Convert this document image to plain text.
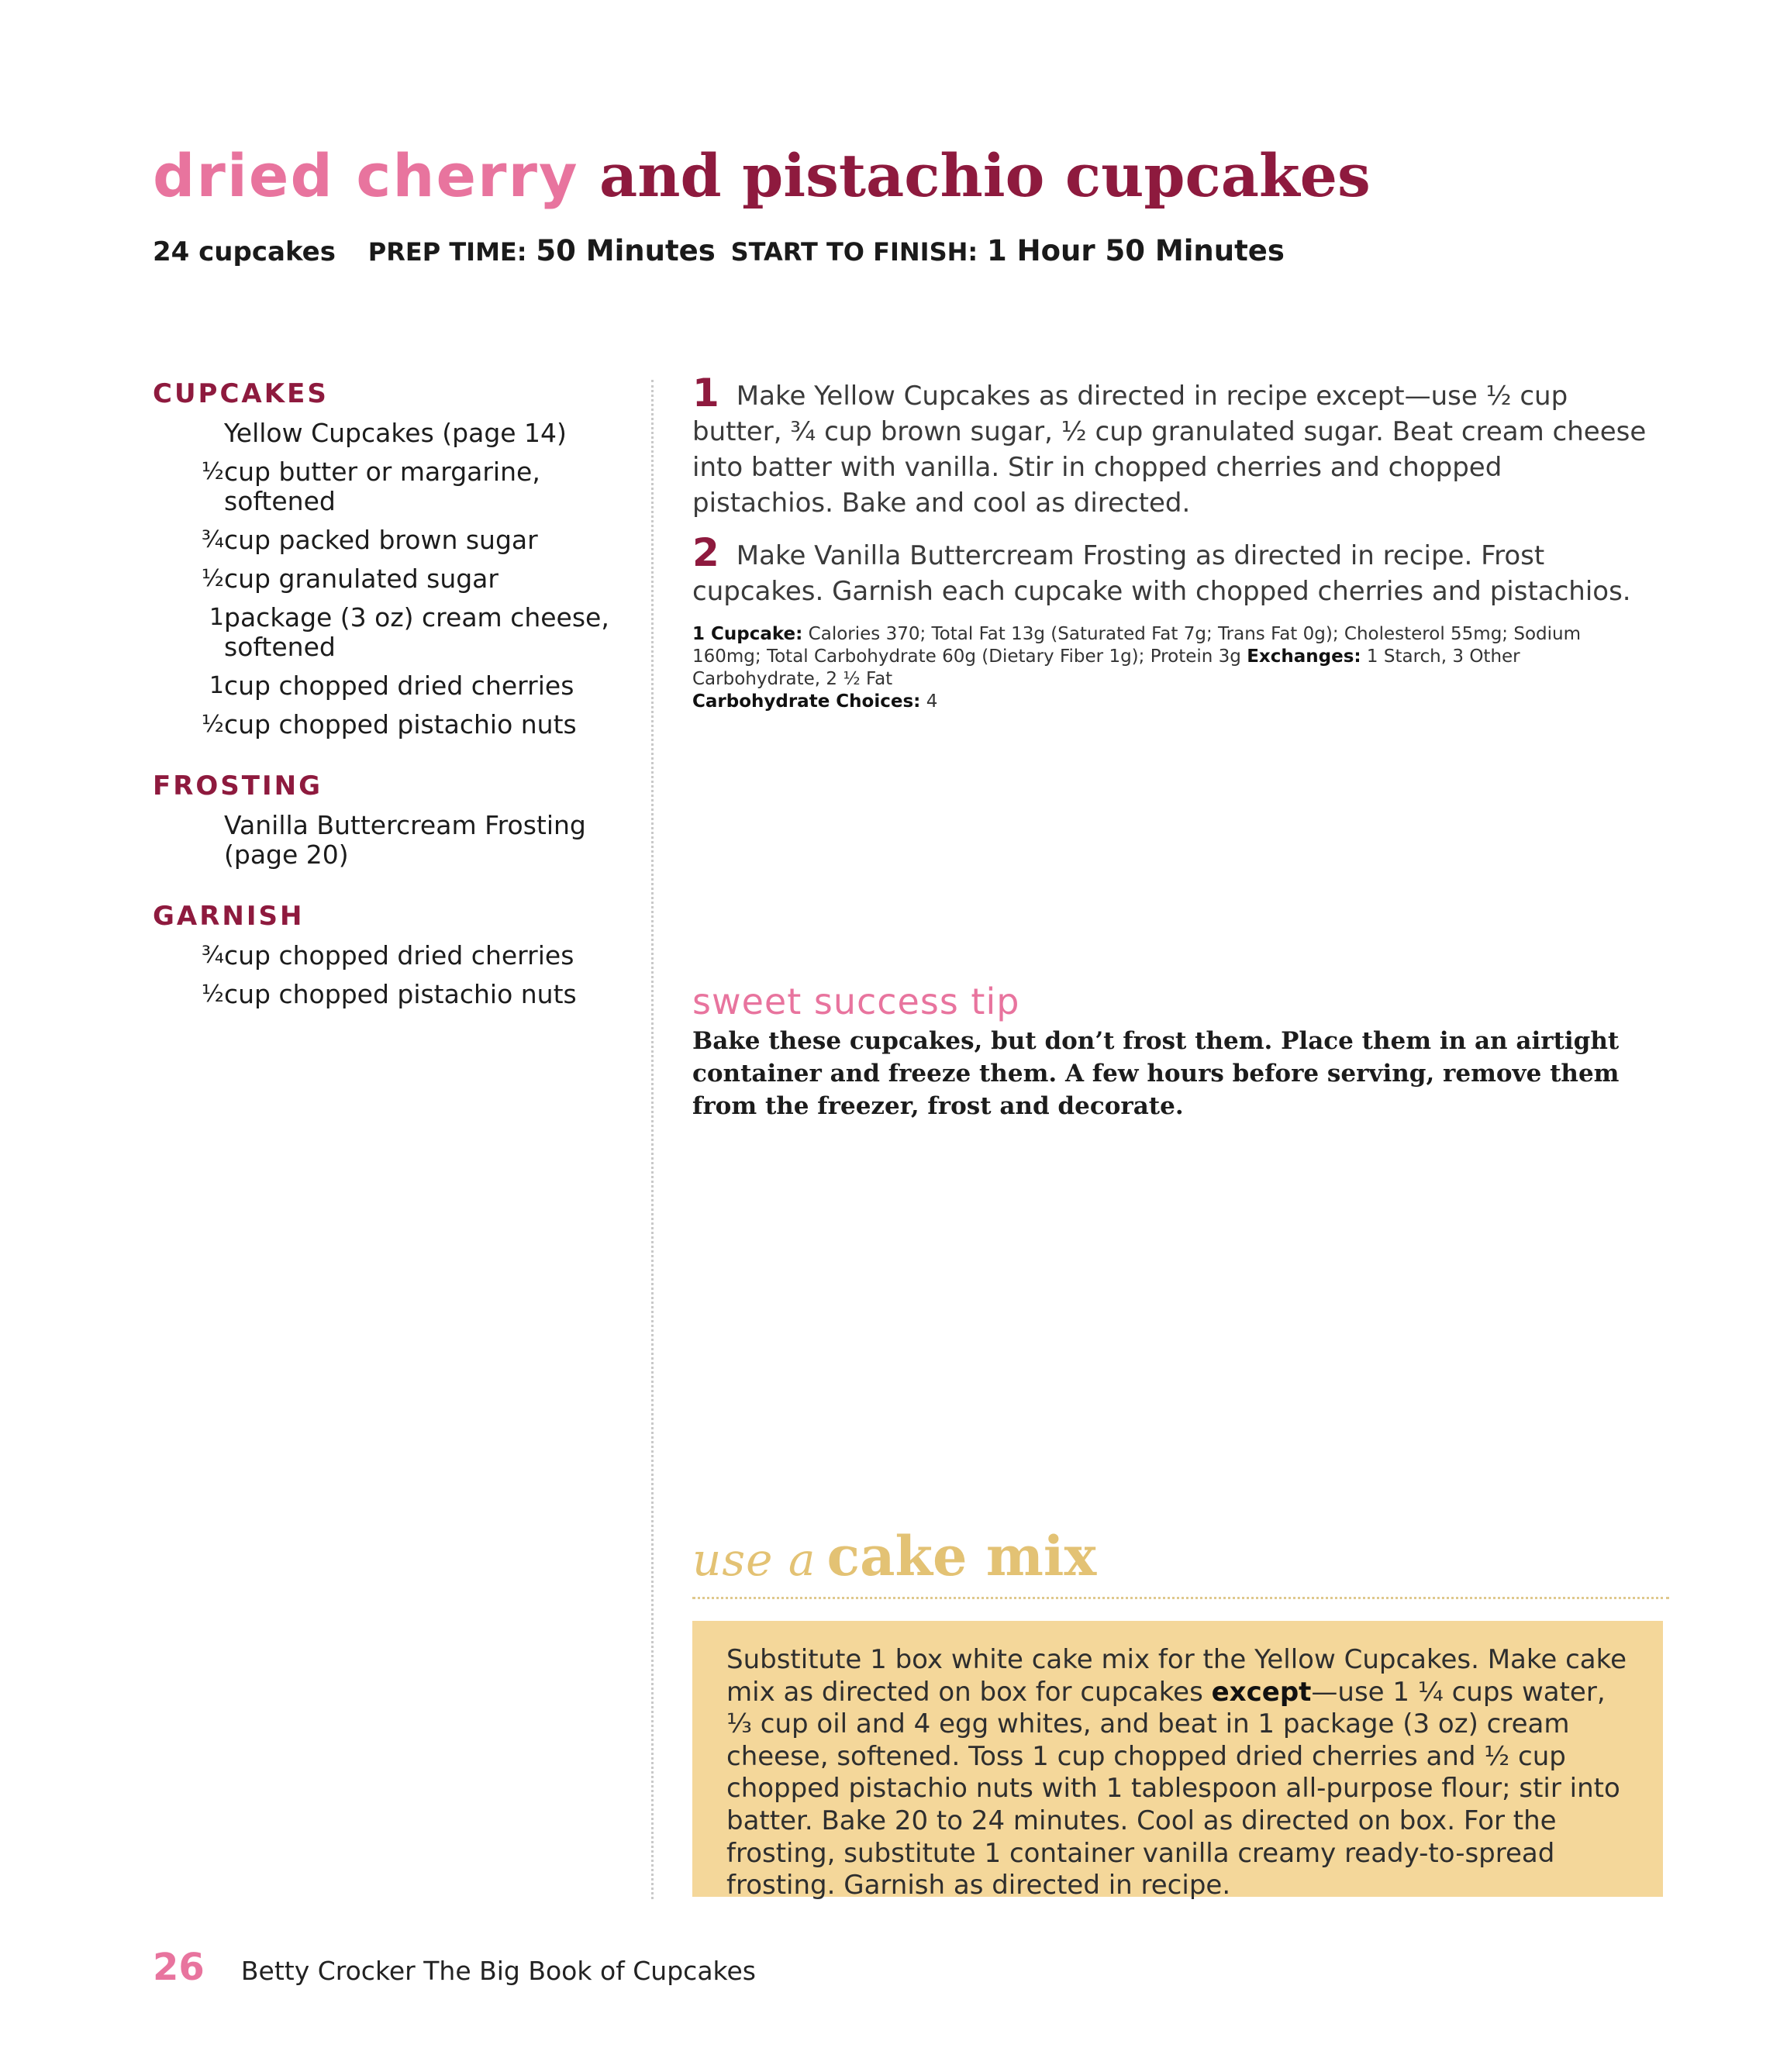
dried cherry and pistachio cupcakes
24 cupcakes PREP TIME: 50 Minutes START TO FINISH: 1 Hour 50 Minutes
CUPCAKES
Yellow Cupcakes (page 14)
½ cup butter or margarine, softened
¾ cup packed brown sugar
½ cup granulated sugar
1 package (3 oz) cream cheese, softened
1 cup chopped dried cherries
½ cup chopped pistachio nuts
FROSTING
Vanilla Buttercream Frosting (page 20)
GARNISH
¾ cup chopped dried cherries
½ cup chopped pistachio nuts
1 Make Yellow Cupcakes as directed in recipe except—use ½ cup butter, ¾ cup brown sugar, ½ cup granulated sugar. Beat cream cheese into batter with vanilla. Stir in chopped cherries and chopped pistachios. Bake and cool as directed.
2 Make Vanilla Buttercream Frosting as directed in recipe. Frost cupcakes. Garnish each cupcake with chopped cherries and pistachios.
1 Cupcake: Calories 370; Total Fat 13g (Saturated Fat 7g; Trans Fat 0g); Cholesterol 55mg; Sodium 160mg; Total Carbohydrate 60g (Dietary Fiber 1g); Protein 3g Exchanges: 1 Starch, 3 Other Carbohydrate, 2 ½ Fat
Carbohydrate Choices: 4
sweet success tip
Bake these cupcakes, but don’t frost them. Place them in an airtight container and freeze them. A few hours before serving, remove them from the freezer, frost and decorate.
use a cake mix

Substitute 1 box white cake mix for the Yellow Cupcakes. Make cake mix as directed on box for cupcakes except—use 1 ¼ cups water, ⅓ cup oil and 4 egg whites, and beat in 1 package (3 oz) cream cheese, softened. Toss 1 cup chopped dried cherries and ½ cup chopped pistachio nuts with 1 tablespoon all-purpose flour; stir into batter. Bake 20 to 24 minutes. Cool as directed on box. For the frosting, substitute 1 container vanilla creamy ready-to-spread frosting. Garnish as directed in recipe.

26 Betty Crocker The Big Book of Cupcakes
